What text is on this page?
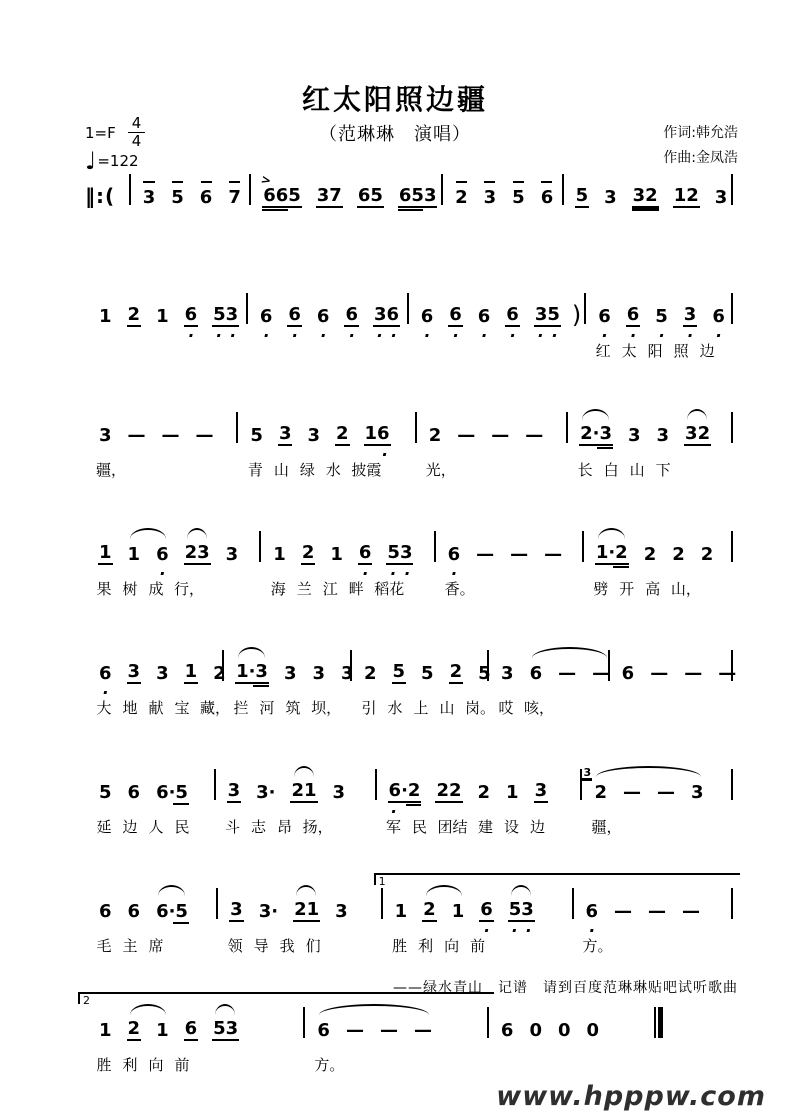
红太阳照边疆
（范琳琳　演唱）	作词:韩允浩
作曲:金凤浩
$1=F \frac{4}{4}$
♩ =122
‖:(	3 5 6 7 665
>
37 65 653 2 3 5 6 5 3 32 12 3
1 2 1 6
·
53
· ·
6
·
6
·
6
·
6
·
36
· ·
6
·
6
·
6
·
6
·
35
· ·
) 6
·
6
·
5
·
3
·
6
·
红 太 阳 照 边
3 — — —
疆，
5 3 3 2 16
·
青 山 绿 水 披霞
2 — — —
光，
2·3 3 3 32
长 白 山 下
1 1 6
·
23 3
果 树 成 行，
1 2 1 6
·
53
· ·
海 兰 江 畔 稻花
6
·
— — —
香。
1·2 2 2 2
劈 开 高 山，
6
·
3 3 1 2
大 地 献 宝 藏，
1·3 3 3 3
拦 河 筑 坝，
2 5 5 2 5
引 水 上 山 岗。
3 6 — —
哎 咳，
6 — — —
5 6 6·5
延 边 人 民
3 3· 21 3
斗 志 昂 扬，
6·2
·
22 2 1 3
军 民 团结 建 设 边
2
3
— — 3
疆，
6 6 6·5
毛 主 席
3 3· 21 3
领 导 我 们
1
1 2 1 6
·
53
· ·
胜 利 向 前
6
·
— — —
方。
2
1 2 1 6 53
胜 利 向 前
6 — — —
方。
6 0 0 0
——绿水青山　记谱　请到百度范琳琳贴吧试听歌曲
www.hpppw.com
